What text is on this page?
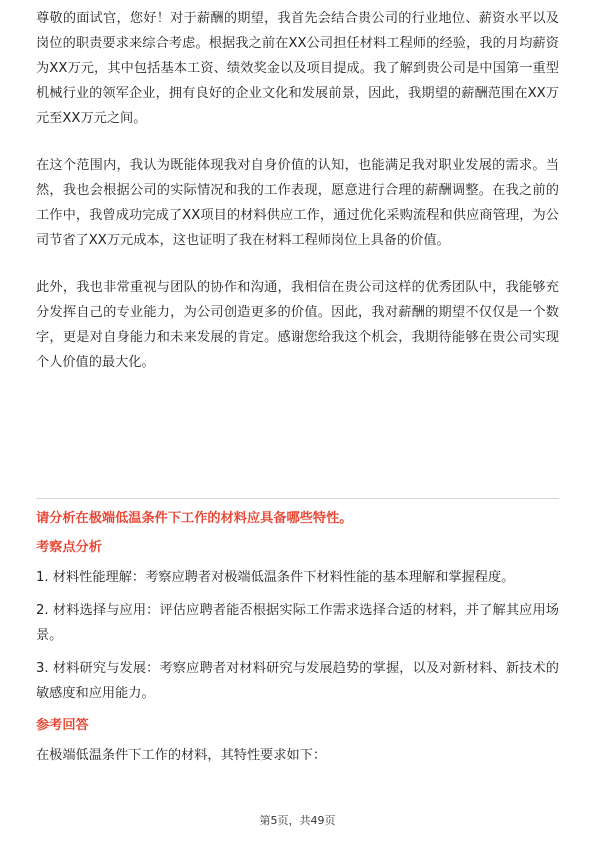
尊敬的面试官，您好！对于薪酬的期望，我首先会结合贵公司的行业地位、薪资水平以及岗位的职责要求来综合考虑。根据我之前在XX公司担任材料工程师的经验，我的月均薪资为XX万元，其中包括基本工资、绩效奖金以及项目提成。我了解到贵公司是中国第一重型机械行业的领军企业，拥有良好的企业文化和发展前景，因此，我期望的薪酬范围在XX万元至XX万元之间。

在这个范围内，我认为既能体现我对自身价值的认知，也能满足我对职业发展的需求。当然，我也会根据公司的实际情况和我的工作表现，愿意进行合理的薪酬调整。在我之前的工作中，我曾成功完成了XX项目的材料供应工作，通过优化采购流程和供应商管理，为公司节省了XX万元成本，这也证明了我在材料工程师岗位上具备的价值。

此外，我也非常重视与团队的协作和沟通，我相信在贵公司这样的优秀团队中，我能够充分发挥自己的专业能力，为公司创造更多的价值。因此，我对薪酬的期望不仅仅是一个数字，更是对自身能力和未来发展的肯定。感谢您给我这个机会，我期待能够在贵公司实现个人价值的最大化。

请分析在极端低温条件下工作的材料应具备哪些特性。

考察点分析

1. 材料性能理解：考察应聘者对极端低温条件下材料性能的基本理解和掌握程度。

2. 材料选择与应用：评估应聘者能否根据实际工作需求选择合适的材料，并了解其应用场景。

3. 材料研究与发展：考察应聘者对材料研究与发展趋势的掌握，以及对新材料、新技术的敏感度和应用能力。

参考回答

在极端低温条件下工作的材料，其特性要求如下：

第5页，共49页
